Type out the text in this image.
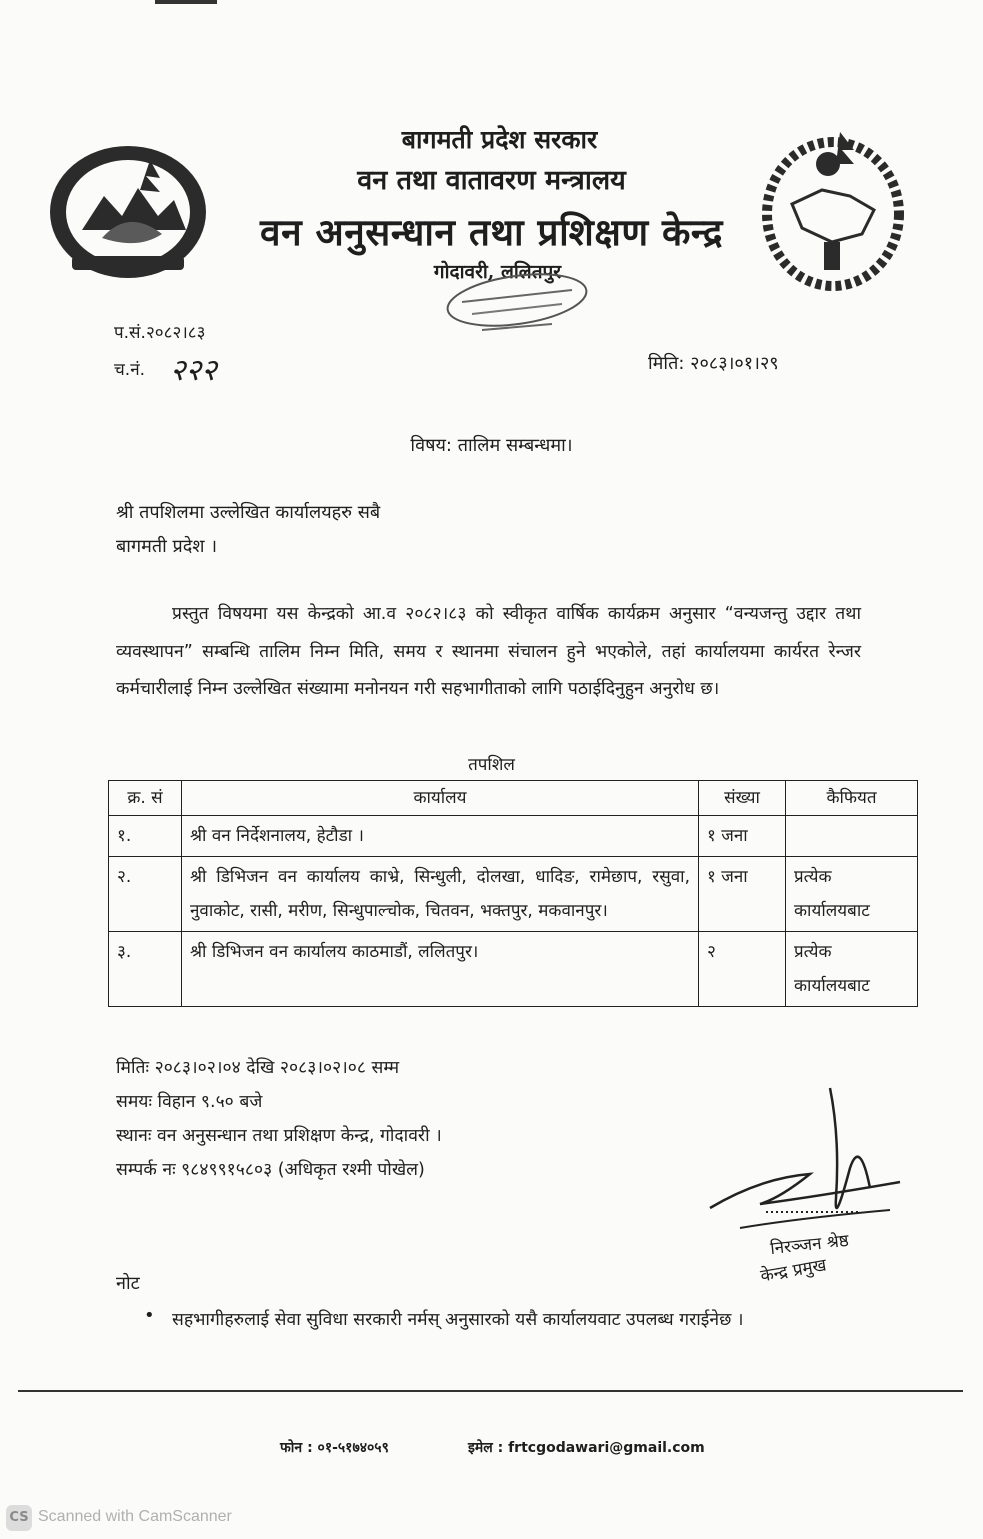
बागमती प्रदेश सरकार
वन तथा वातावरण मन्त्रालय
वन अनुसन्धान तथा प्रशिक्षण केन्द्र
गोदावरी, ललितपुर
प.सं.२०८२।८३
च.नं. २२२	मिति: २०८३।०१।२९
विषय: तालिम सम्बन्धमा।
श्री तपशिलमा उल्लेखित कार्यालयहरु सबै
बागमती प्रदेश ।
प्रस्तुत विषयमा यस केन्द्रको आ.व २०८२।८३ को स्वीकृत वार्षिक कार्यक्रम अनुसार “वन्यजन्तु उद्दार तथा व्यवस्थापन” सम्बन्धि तालिम निम्न मिति, समय र स्थानमा संचालन हुने भएकोले, तहां कार्यालयमा कार्यरत रेन्जर कर्मचारीलाई निम्न उल्लेखित संख्यामा मनोनयन गरी सहभागीताको लागि पठाईदिनुहुन अनुरोध छ।
तपशिल
क्र. सं	कार्यालय	संख्या	कैफियत
१.	श्री वन निर्देशनालय, हेटौडा ।	१ जना	
२.	श्री डिभिजन वन कार्यालय काभ्रे, सिन्धुली, दोलखा, धादिङ, रामेछाप, रसुवा, नुवाकोट, रासी, मरीण, सिन्धुपाल्चोक, चितवन, भक्तपुर, मकवानपुर।	१ जना	प्रत्येक कार्यालयबाट
३.	श्री डिभिजन वन कार्यालय काठमाडौं, ललितपुर।	२	प्रत्येक कार्यालयबाट
मितिः २०८३।०२।०४ देखि २०८३।०२।०८ सम्म
समयः विहान ९.५० बजे
स्थानः वन अनुसन्धान तथा प्रशिक्षण केन्द्र, गोदावरी ।
सम्पर्क नः ९८४९९१५८०३ (अधिकृत रश्मी पोखेल)
निरञ्जन श्रेष्ठ
केन्द्र प्रमुख
नोट
• सहभागीहरुलाई सेवा सुविधा सरकारी नर्मस् अनुसारको यसै कार्यालयवाट उपलब्ध गराईनेछ ।
फोन : ०१-५१७४०५९	इमेल : frtcgodawari@gmail.com
CS Scanned with CamScanner
